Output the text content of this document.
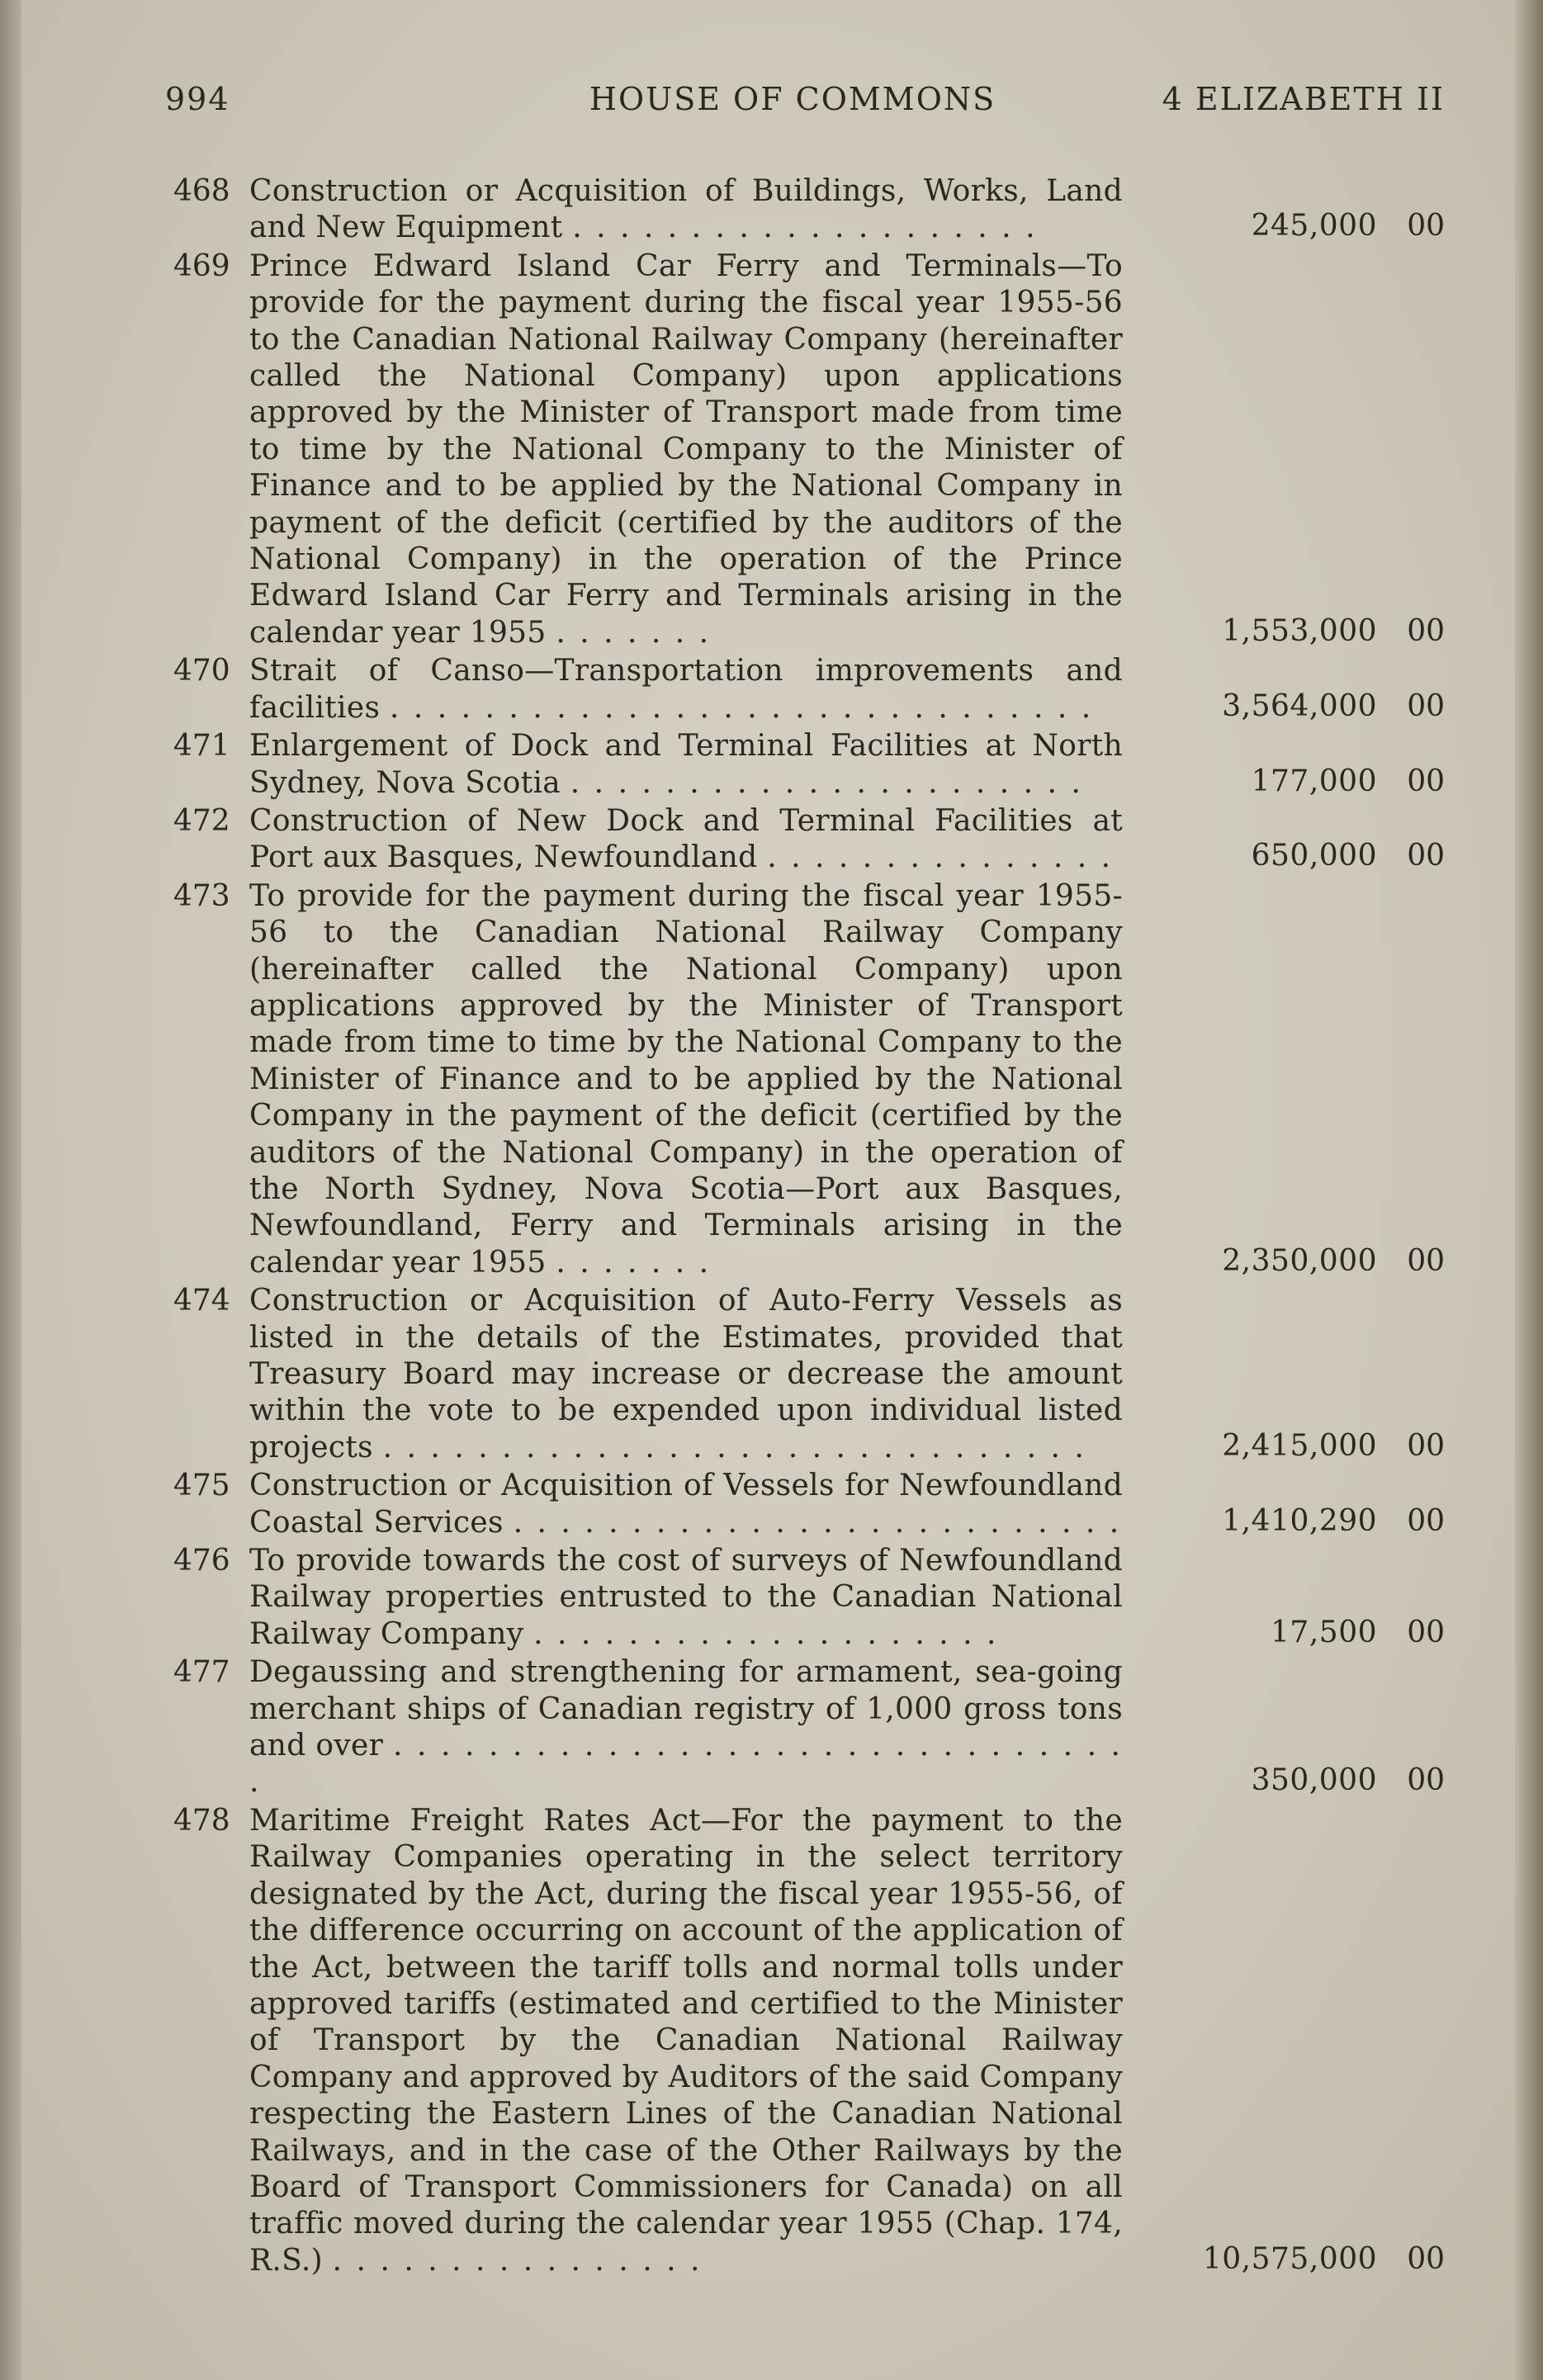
994	HOUSE OF COMMONS	4 ELIZABETH II
468 Construction or Acquisition of Buildings, Works, Land and New Equipment . . . . . . . . . . . . . . . . . . . .	245,000	00
469 Prince Edward Island Car Ferry and Terminals—To provide for the payment during the fiscal year 1955-56 to the Canadian National Railway Company (hereinafter called the National Company) upon applications approved by the Minister of Transport made from time to time by the National Company to the Minister of Finance and to be applied by the National Company in payment of the deficit (certified by the auditors of the National Company) in the operation of the Prince Edward Island Car Ferry and Terminals arising in the calendar year 1955 . . . . . . .	1,553,000	00
470 Strait of Canso—Transportation improvements and facilities . . . . . . . . . . . . . . . . . . . . . . . . . . . . . .	3,564,000	00
471 Enlargement of Dock and Terminal Facilities at North Sydney, Nova Scotia . . . . . . . . . . . . . . . . . . . . . .	177,000	00
472 Construction of New Dock and Terminal Facilities at Port aux Basques, Newfoundland . . . . . . . . . . . . . . .	650,000	00
473 To provide for the payment during the fiscal year 1955-56 to the Canadian National Railway Company (hereinafter called the National Company) upon applications approved by the Minister of Transport made from time to time by the National Company to the Minister of Finance and to be applied by the National Company in the payment of the deficit (certified by the auditors of the National Company) in the operation of the North Sydney, Nova Scotia—Port aux Basques, Newfoundland, Ferry and Terminals arising in the calendar year 1955 . . . . . . .	2,350,000	00
474 Construction or Acquisition of Auto-Ferry Vessels as listed in the details of the Estimates, provided that Treasury Board may increase or decrease the amount within the vote to be expended upon individual listed projects . . . . . . . . . . . . . . . . . . . . . . . . . . . . . .	2,415,000	00
475 Construction or Acquisition of Vessels for Newfoundland Coastal Services . . . . . . . . . . . . . . . . . . . . . . . . . .	1,410,290	00
476 To provide towards the cost of surveys of Newfoundland Railway properties entrusted to the Canadian National Railway Company . . . . . . . . . . . . . . . . . . . .	17,500	00
477 Degaussing and strengthening for armament, sea-going merchant ships of Canadian registry of 1,000 gross tons and over . . . . . . . . . . . . . . . . . . . . . . . . . . . . . . . .	350,000	00
478 Maritime Freight Rates Act—For the payment to the Railway Companies operating in the select territory designated by the Act, during the fiscal year 1955-56, of the difference occurring on account of the application of the Act, between the tariff tolls and normal tolls under approved tariffs (estimated and certified to the Minister of Transport by the Canadian National Railway Company and approved by Auditors of the said Company respecting the Eastern Lines of the Canadian National Railways, and in the case of the Other Railways by the Board of Transport Commissioners for Canada) on all traffic moved during the calendar year 1955 (Chap. 174, R.S.) . . . . . . . . . . . . . . . .	10,575,000	00
